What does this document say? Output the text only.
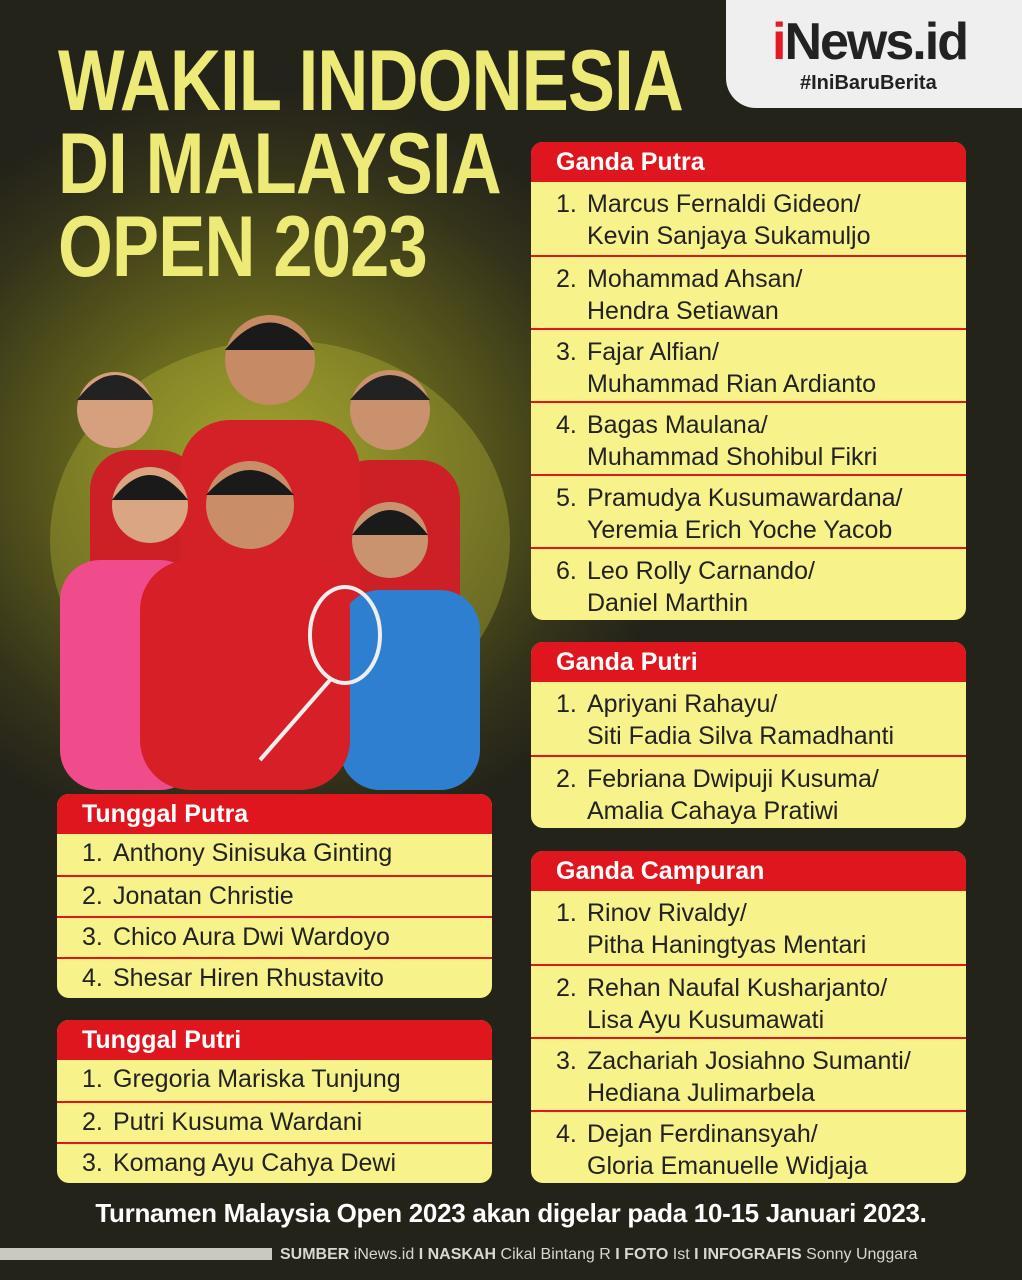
iNews.id
#IniBaruBerita
WAKIL INDONESIA
DI MALAYSIA
OPEN 2023
Ganda Putra
1. Marcus Fernaldi Gideon/
Kevin Sanjaya Sukamuljo
2. Mohammad Ahsan/
Hendra Setiawan
3. Fajar Alfian/
Muhammad Rian Ardianto
4. Bagas Maulana/
Muhammad Shohibul Fikri
5. Pramudya Kusumawardana/
Yeremia Erich Yoche Yacob
6. Leo Rolly Carnando/
Daniel Marthin
Ganda Putri
1. Apriyani Rahayu/
Siti Fadia Silva Ramadhanti
2. Febriana Dwipuji Kusuma/
Amalia Cahaya Pratiwi
Ganda Campuran
1. Rinov Rivaldy/
Pitha Haningtyas Mentari
2. Rehan Naufal Kusharjanto/
Lisa Ayu Kusumawati
3. Zachariah Josiahno Sumanti/
Hediana Julimarbela
4. Dejan Ferdinansyah/
Gloria Emanuelle Widjaja
Tunggal Putra
1. Anthony Sinisuka Ginting
2. Jonatan Christie
3. Chico Aura Dwi Wardoyo
4. Shesar Hiren Rhustavito
Tunggal Putri
1. Gregoria Mariska Tunjung
2. Putri Kusuma Wardani
3. Komang Ayu Cahya Dewi
Turnamen Malaysia Open 2023 akan digelar pada 10-15 Januari 2023.
SUMBER iNews.id I NASKAH Cikal Bintang R I FOTO Ist I INFOGRAFIS Sonny Unggara
